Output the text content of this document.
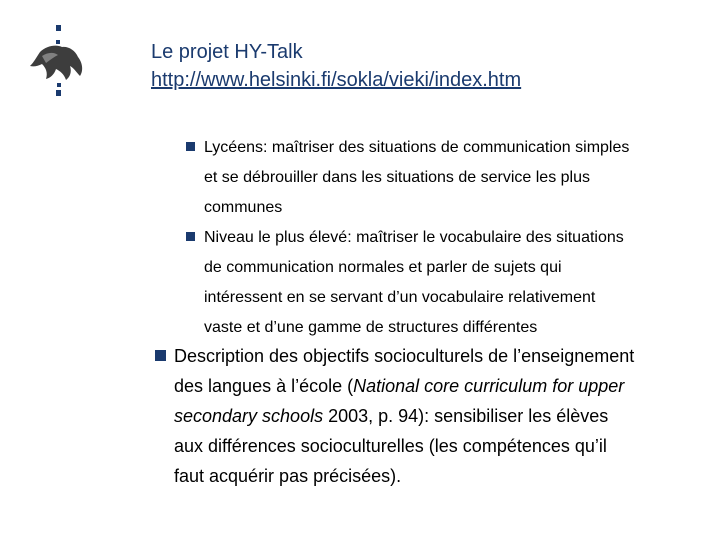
Le projet HY-Talk
http://www.helsinki.fi/sokla/vieki/index.htm
Lycéens: maîtriser des situations de communication simples
et se débrouiller dans les situations de service les plus
communes
Niveau le plus élevé: maîtriser le vocabulaire des situations
de communication normales et parler de sujets qui
intéressent en se servant d’un vocabulaire relativement
vaste et d’une gamme de structures différentes
Description des objectifs socioculturels de l’enseignement
des langues à l’école (National core curriculum for upper
secondary schools 2003, p. 94): sensibiliser les élèves
aux différences socioculturelles (les compétences qu’il
faut acquérir pas précisées).
